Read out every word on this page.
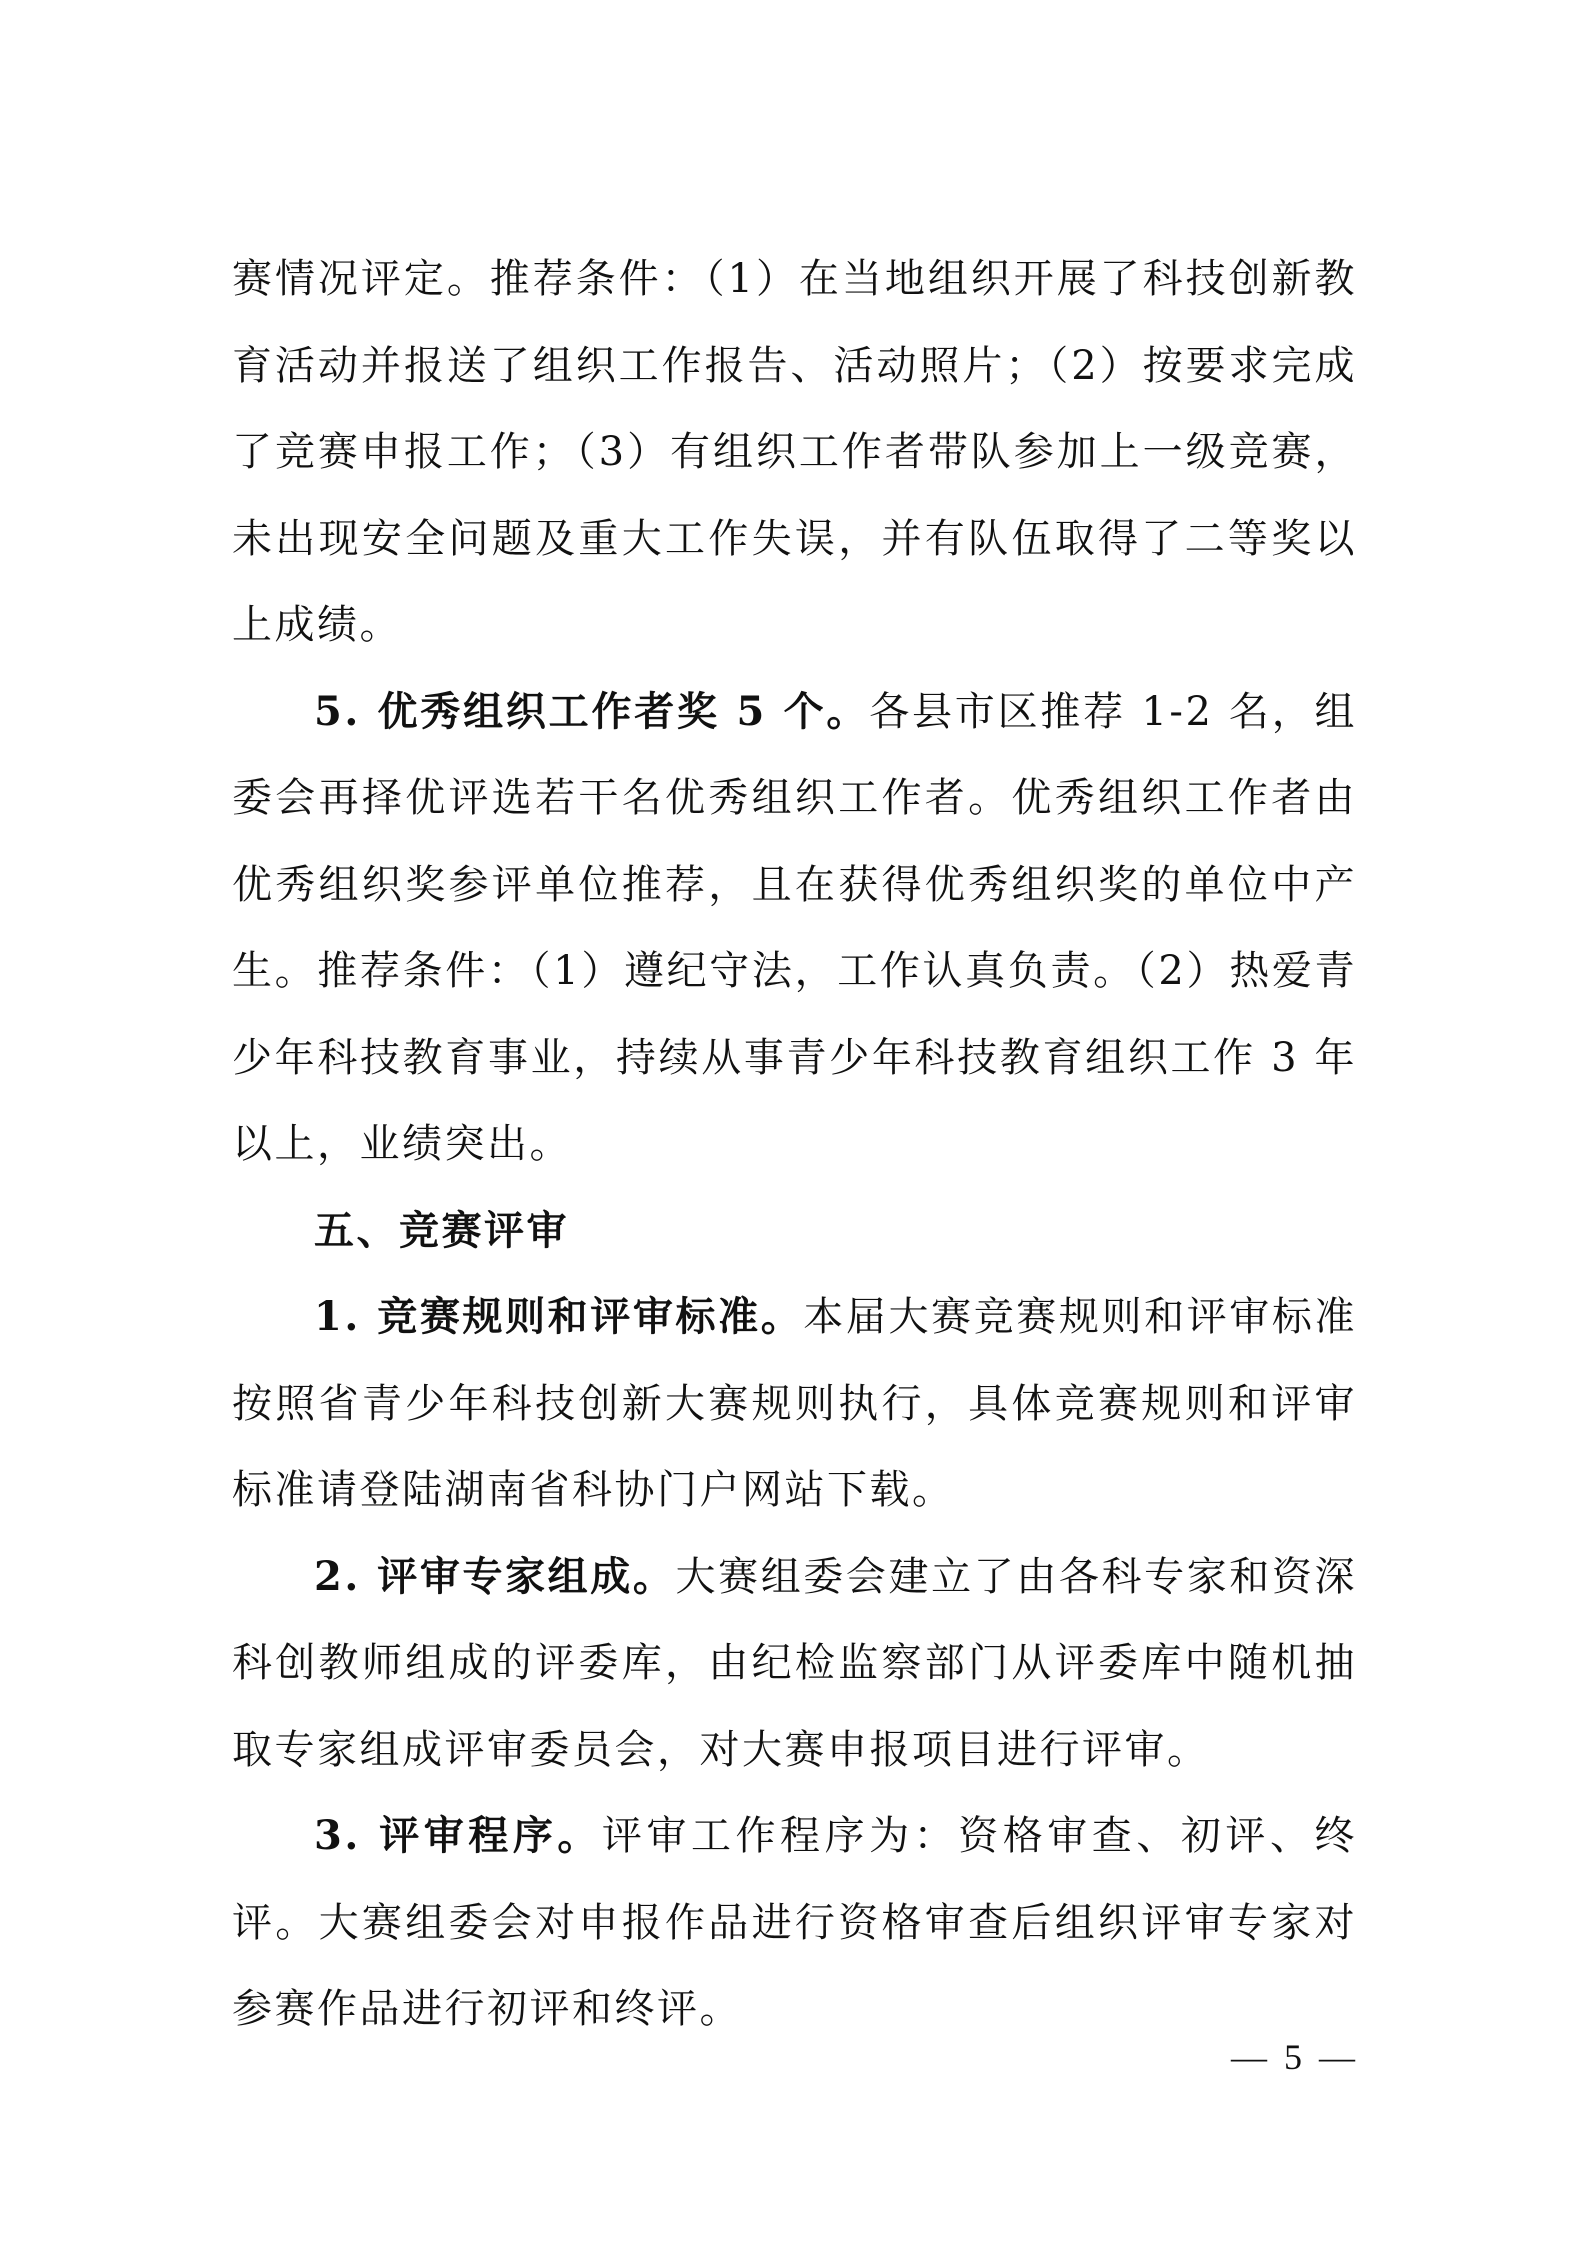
赛情况评定。推荐条件：（1）在当地组织开展了科技创新教育活动并报送了组织工作报告、活动照片；（2）按要求完成了竞赛申报工作；（3）有组织工作者带队参加上一级竞赛，未出现安全问题及重大工作失误，并有队伍取得了二等奖以上成绩。

5. 优秀组织工作者奖 5 个。各县市区推荐 1-2 名，组委会再择优评选若干名优秀组织工作者。优秀组织工作者由优秀组织奖参评单位推荐，且在获得优秀组织奖的单位中产生。推荐条件：（1）遵纪守法，工作认真负责。（2）热爱青少年科技教育事业，持续从事青少年科技教育组织工作 3 年以上，业绩突出。

五、竞赛评审

1. 竞赛规则和评审标准。本届大赛竞赛规则和评审标准按照省青少年科技创新大赛规则执行，具体竞赛规则和评审标准请登陆湖南省科协门户网站下载。

2. 评审专家组成。大赛组委会建立了由各科专家和资深科创教师组成的评委库，由纪检监察部门从评委库中随机抽取专家组成评审委员会，对大赛申报项目进行评审。

3. 评审程序。评审工作程序为：资格审查、初评、终评。大赛组委会对申报作品进行资格审查后组织评审专家对参赛作品进行初评和终评。

— 5 —
